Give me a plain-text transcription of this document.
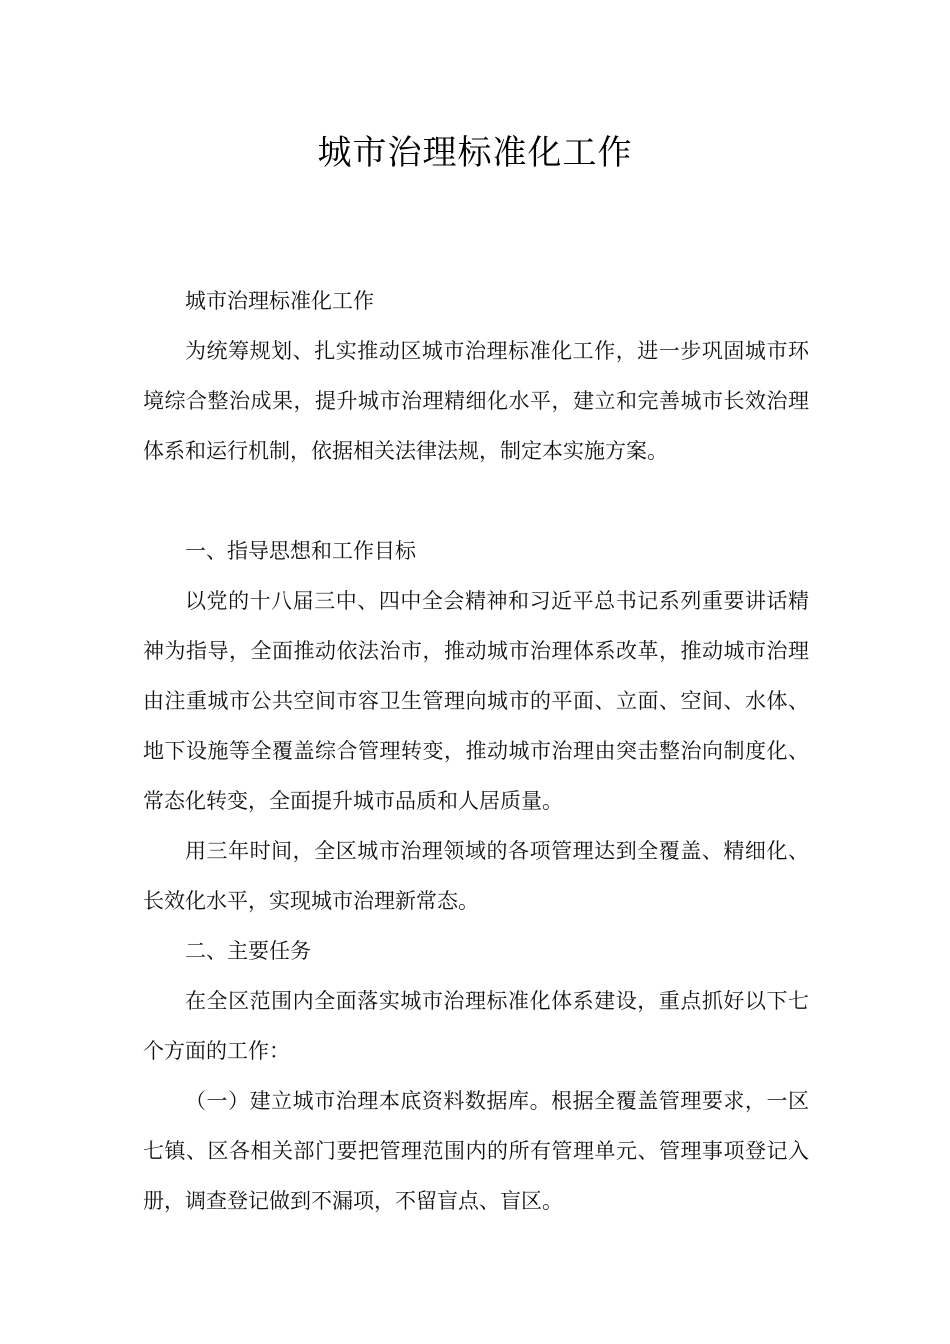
城市治理标准化工作

城市治理标准化工作

为统筹规划、扎实推动区城市治理标准化工作，进一步巩固城市环境综合整治成果，提升城市治理精细化水平，建立和完善城市长效治理体系和运行机制，依据相关法律法规，制定本实施方案。

一、指导思想和工作目标

以党的十八届三中、四中全会精神和习近平总书记系列重要讲话精神为指导，全面推动依法治市，推动城市治理体系改革，推动城市治理由注重城市公共空间市容卫生管理向城市的平面、立面、空间、水体、地下设施等全覆盖综合管理转变，推动城市治理由突击整治向制度化、常态化转变，全面提升城市品质和人居质量。

用三年时间，全区城市治理领域的各项管理达到全覆盖、精细化、长效化水平，实现城市治理新常态。

二、主要任务

在全区范围内全面落实城市治理标准化体系建设，重点抓好以下七个方面的工作：

（一）建立城市治理本底资料数据库。根据全覆盖管理要求，一区七镇、区各相关部门要把管理范围内的所有管理单元、管理事项登记入册，调查登记做到不漏项，不留盲点、盲区。
